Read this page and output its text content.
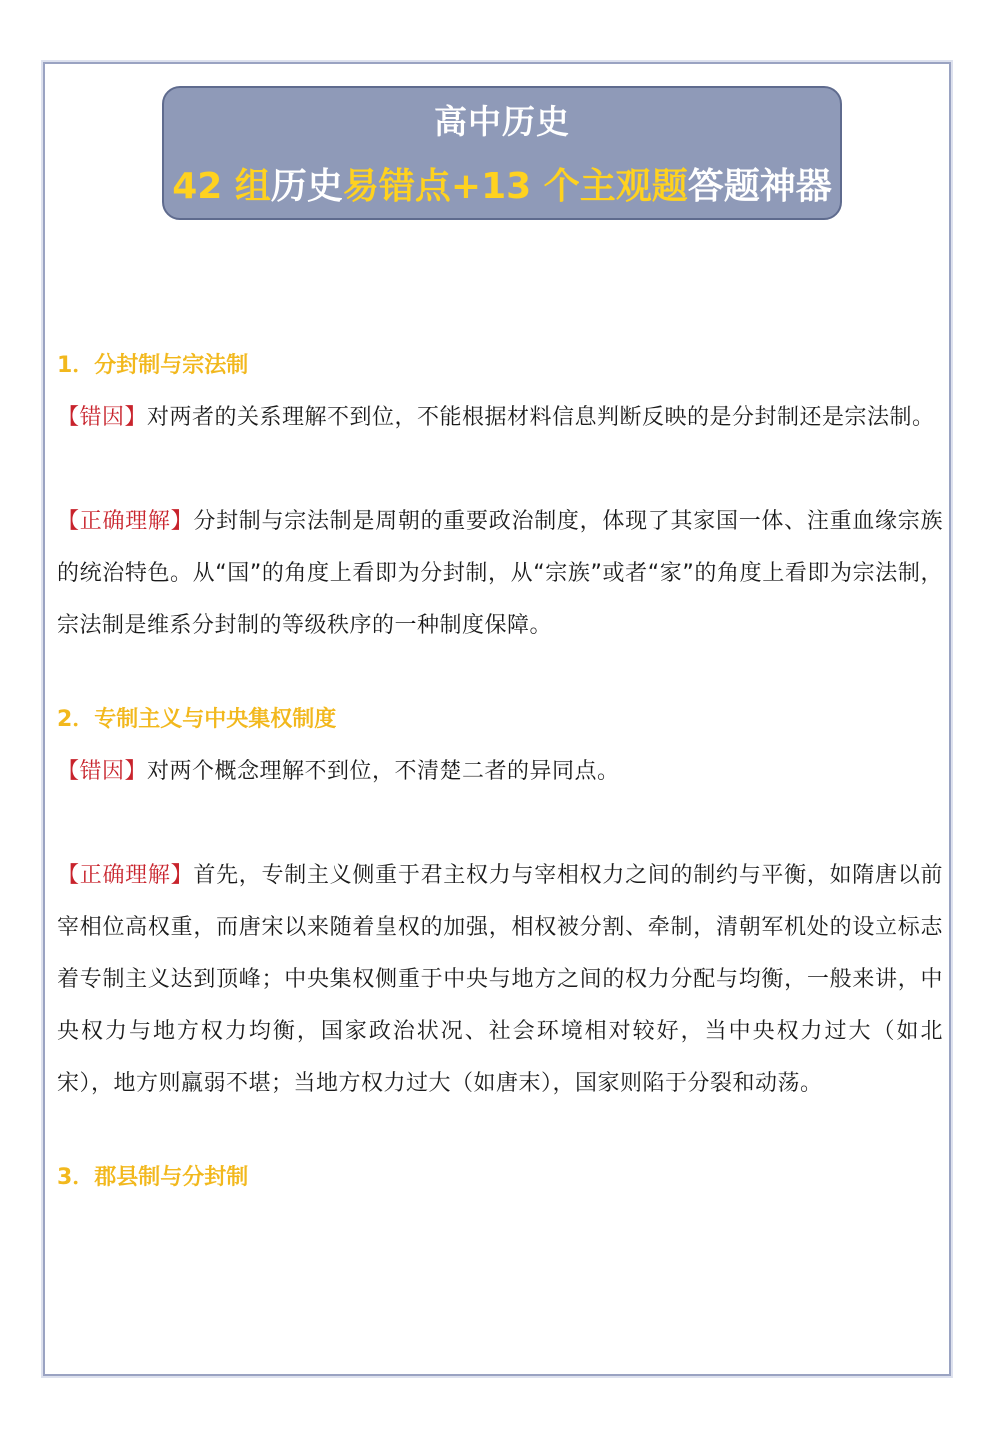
高中历史
42 组历史易错点+13 个主观题答题神器
1．分封制与宗法制
【错因】对两者的关系理解不到位，不能根据材料信息判断反映的是分封制还是宗法制。
【正确理解】分封制与宗法制是周朝的重要政治制度，体现了其家国一体、注重血缘宗族的统治特色。从“国”的角度上看即为分封制，从“宗族”或者“家”的角度上看即为宗法制，宗法制是维系分封制的等级秩序的一种制度保障。
2．专制主义与中央集权制度
【错因】对两个概念理解不到位，不清楚二者的异同点。
【正确理解】首先，专制主义侧重于君主权力与宰相权力之间的制约与平衡，如隋唐以前宰相位高权重，而唐宋以来随着皇权的加强，相权被分割、牵制，清朝军机处的设立标志着专制主义达到顶峰；中央集权侧重于中央与地方之间的权力分配与均衡，一般来讲，中央权力与地方权力均衡，国家政治状况、社会环境相对较好，当中央权力过大（如北宋），地方则羸弱不堪；当地方权力过大（如唐末），国家则陷于分裂和动荡。
3．郡县制与分封制
